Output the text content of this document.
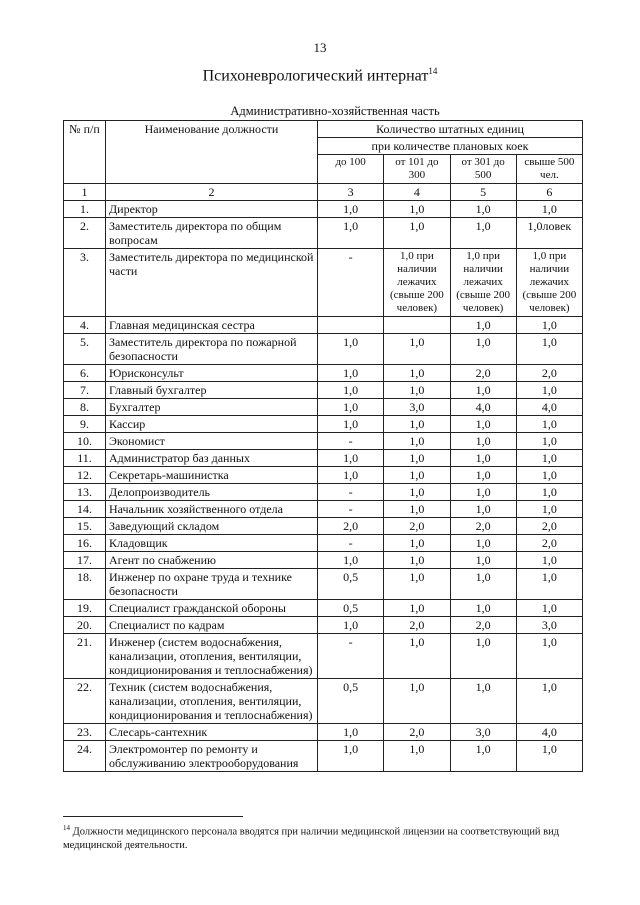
13
Психоневрологический интернат$^{14}$
Административно-хозяйственная часть
№ п/п	Наименование должности	Количество штатных единиц			
		при количестве плановых коек			
		до 100	от 101 до 300	от 301 до 500	свыше 500 чел.
1	2	3	4	5	6
1.	Директор	1,0	1,0	1,0	1,0
2.	Заместитель директора по общим вопросам	1,0	1,0	1,0	1,0ловек
3.	Заместитель директора по медицинской части	-	1,0 при наличии лежачих (свыше 200 человек)	1,0 при наличии лежачих (свыше 200 человек)	1,0 при наличии лежачих (свыше 200 человек)
4.	Главная медицинская сестра			1,0	1,0
5.	Заместитель директора по пожарной безопасности	1,0	1,0	1,0	1,0
6.	Юрисконсульт	1,0	1,0	2,0	2,0
7.	Главный бухгалтер	1,0	1,0	1,0	1,0
8.	Бухгалтер	1,0	3,0	4,0	4,0
9.	Кассир	1,0	1,0	1,0	1,0
10.	Экономист	-	1,0	1,0	1,0
11.	Администратор баз данных	1,0	1,0	1,0	1,0
12.	Секретарь-машинистка	1,0	1,0	1,0	1,0
13.	Делопроизводитель	-	1,0	1,0	1,0
14.	Начальник хозяйственного отдела	-	1,0	1,0	1,0
15.	Заведующий складом	2,0	2,0	2,0	2,0
16.	Кладовщик	-	1,0	1,0	2,0
17.	Агент по снабжению	1,0	1,0	1,0	1,0
18.	Инженер по охране труда и технике безопасности	0,5	1,0	1,0	1,0
19.	Специалист гражданской обороны	0,5	1,0	1,0	1,0
20.	Специалист по кадрам	1,0	2,0	2,0	3,0
21.	Инженер (систем водоснабжения, канализации, отопления, вентиляции, кондиционирования и теплоснабжения)	-	1,0	1,0	1,0
22.	Техник (систем водоснабжения, канализации, отопления, вентиляции, кондиционирования и теплоснабжения)	0,5	1,0	1,0	1,0
23.	Слесарь-сантехник	1,0	2,0	3,0	4,0
24.	Электромонтер по ремонту и обслуживанию электрооборудования	1,0	1,0	1,0	1,0
$^{14}$ Должности медицинского персонала вводятся при наличии медицинской лицензии на соответствующий вид медицинской деятельности.
